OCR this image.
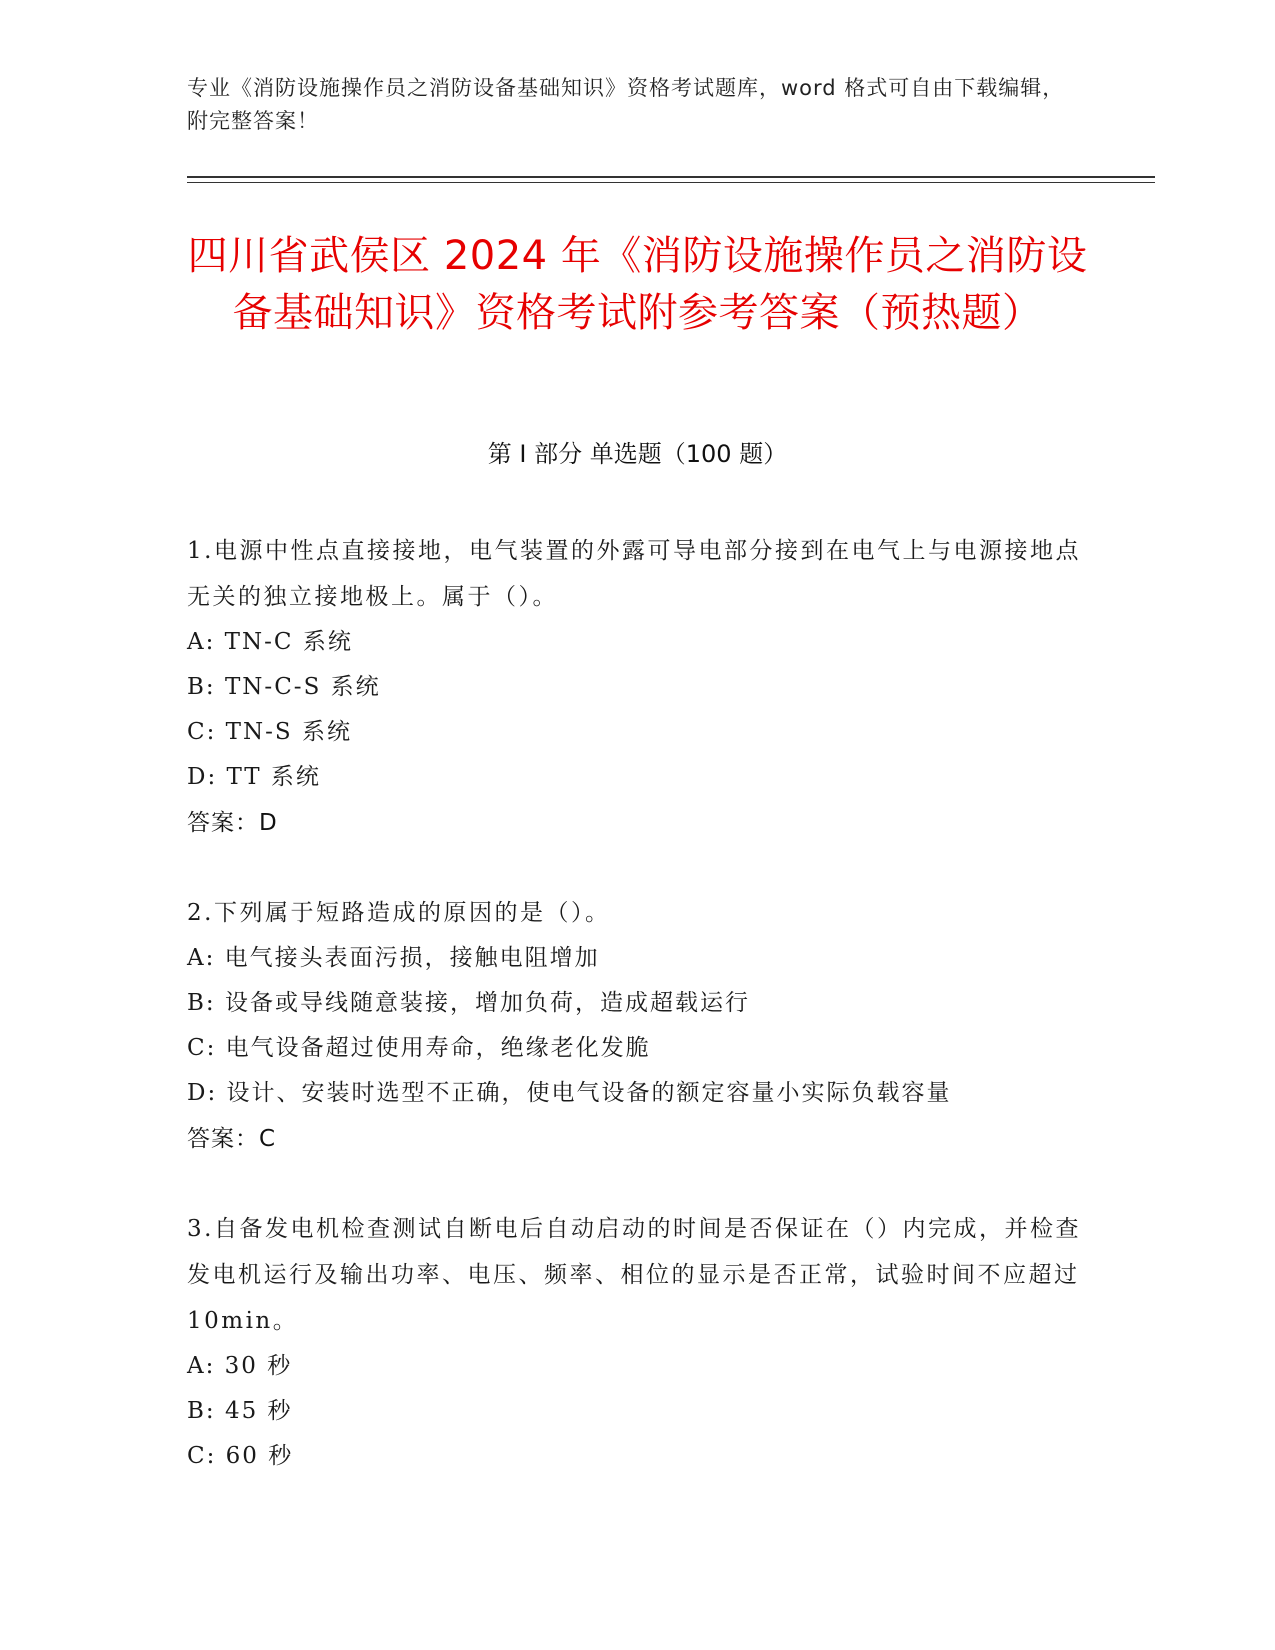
专业《消防设施操作员之消防设备基础知识》资格考试题库，word 格式可自由下载编辑，附完整答案！
四川省武侯区 2024 年《消防设施操作员之消防设备基础知识》资格考试附参考答案（预热题）
第 I 部分 单选题（100 题）

1.电源中性点直接接地，电气装置的外露可导电部分接到在电气上与电源接地点无关的独立接地极上。属于（）。

A: TN-C 系统

B: TN-C-S 系统

C: TN-S 系统

D: TT 系统

答案：D

2.下列属于短路造成的原因的是（）。

A: 电气接头表面污损，接触电阻增加

B: 设备或导线随意装接，增加负荷，造成超载运行

C: 电气设备超过使用寿命，绝缘老化发脆

D: 设计、安装时选型不正确，使电气设备的额定容量小实际负载容量

答案：C

3.自备发电机检查测试自断电后自动启动的时间是否保证在（）内完成，并检查发电机运行及输出功率、电压、频率、相位的显示是否正常，试验时间不应超过 10min。

A: 30 秒

B: 45 秒

C: 60 秒
